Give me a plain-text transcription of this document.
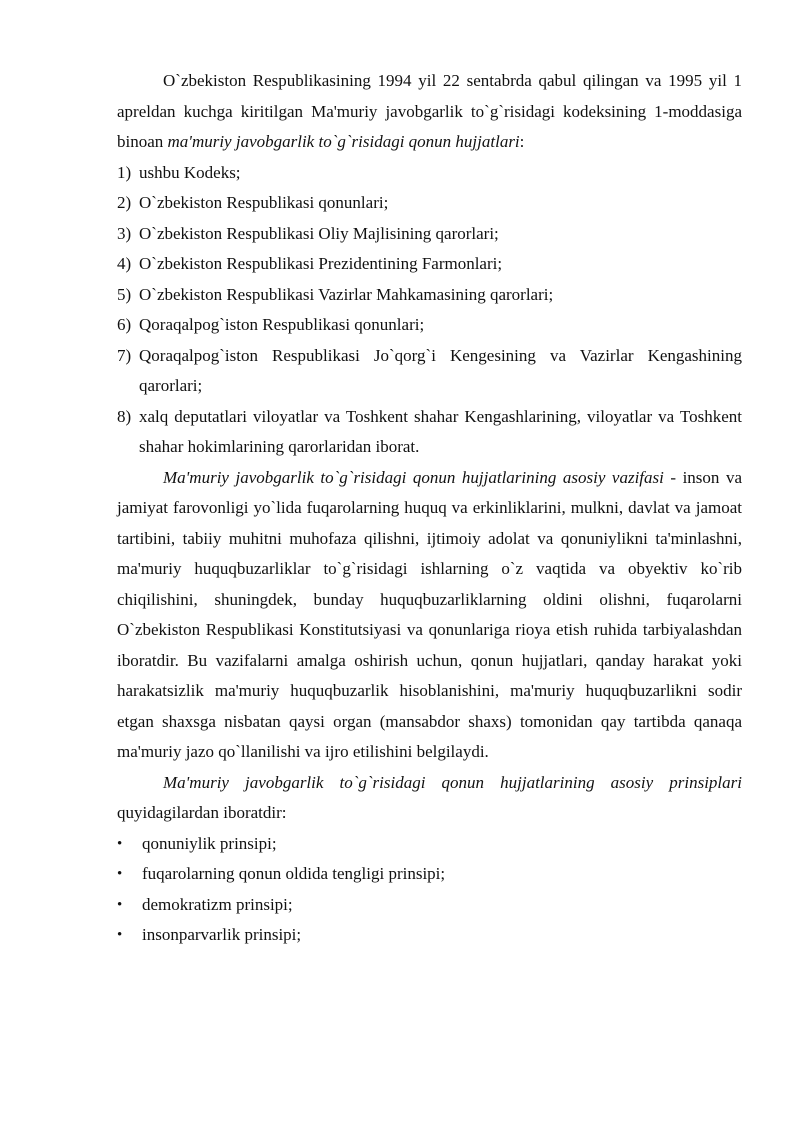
O`zbekiston Respublikasining 1994 yil 22 sentabrda qabul qilingan va 1995 yil 1 apreldan kuchga kiritilgan Ma'muriy javobgarlik to`g`risidagi kodeksining 1-moddasiga binoan ma'muriy javobgarlik to`g`risidagi qonun hujjatlari:

1) ushbu Kodeks;
2) O`zbekiston Respublikasi qonunlari;
3) O`zbekiston Respublikasi Oliy Majlisining qarorlari;
4) O`zbekiston Respublikasi Prezidentining Farmonlari;
5) O`zbekiston Respublikasi Vazirlar Mahkamasining qarorlari;
6) Qoraqalpog`iston Respublikasi qonunlari;
7) Qoraqalpog`iston Respublikasi Jo`qorg`i Kengesining va Vazirlar Kengashining qarorlari;
8) xalq deputatlari viloyatlar va Toshkent shahar Kengashlarining, viloyatlar va Toshkent shahar hokimlarining qarorlaridan iborat.

Ma'muriy javobgarlik to`g`risidagi qonun hujjatlarining asosiy vazifasi - inson va jamiyat farovonligi yo`lida fuqarolarning huquq va erkinliklarini, mulkni, davlat va jamoat tartibini, tabiiy muhitni muhofaza qilishni, ijtimoiy adolat va qonuniylikni ta'minlashni, ma'muriy huquqbuzarliklar to`g`risidagi ishlarning o`z vaqtida va obyektiv ko`rib chiqilishini, shuningdek, bunday huquqbuzarliklarning oldini olishni, fuqarolarni O`zbekiston Respublikasi Konstitutsiyasi va qonunlariga rioya etish ruhida tarbiyalashdan iboratdir. Bu vazifalarni amalga oshirish uchun, qonun hujjatlari, qanday harakat yoki harakatsizlik ma'muriy huquqbuzarlik hisoblanishini, ma'muriy huquqbuzarlikni sodir etgan shaxsga nisbatan qaysi organ (mansabdor shaxs) tomonidan qay tartibda qanaqa ma'muriy jazo qo`llanilishi va ijro etilishini belgilaydi.

Ma'muriy javobgarlik to`g`risidagi qonun hujjatlarining asosiy prinsiplari quyidagilardan iboratdir:

• qonuniylik prinsipi;
• fuqarolarning qonun oldida tengligi prinsipi;
• demokratizm prinsipi;
• insonparvarlik prinsipi;
